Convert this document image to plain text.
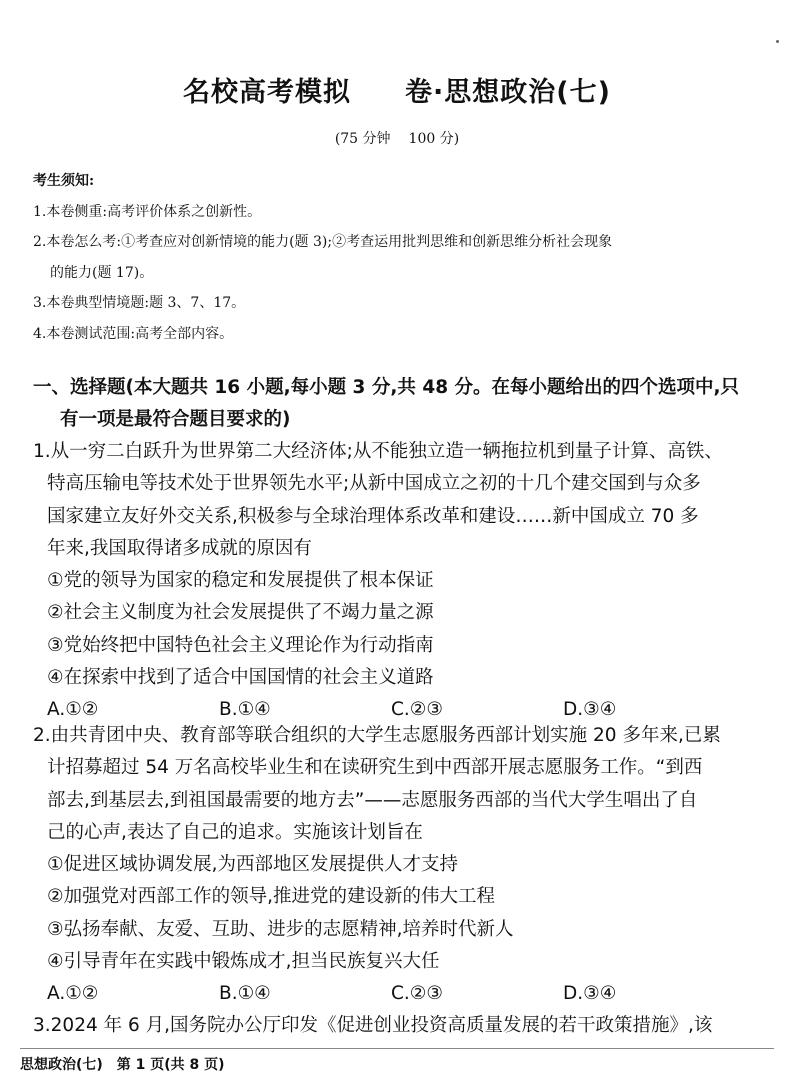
名校高考模拟 卷·思想政治(七)
(75 分钟 100 分)
考生须知:
1.本卷侧重:高考评价体系之创新性。
2.本卷怎么考:①考查应对创新情境的能力(题 3);②考查运用批判思维和创新思维分析社会现象
的能力(题 17)。
3.本卷典型情境题:题 3、7、17。
4.本卷测试范围:高考全部内容。
一、选择题(本大题共 16 小题,每小题 3 分,共 48 分。在每小题给出的四个选项中,只
有一项是最符合题目要求的)
1.从一穷二白跃升为世界第二大经济体;从不能独立造一辆拖拉机到量子计算、高铁、
特高压输电等技术处于世界领先水平;从新中国成立之初的十几个建交国到与众多
国家建立友好外交关系,积极参与全球治理体系改革和建设……新中国成立 70 多
年来,我国取得诸多成就的原因有
①党的领导为国家的稳定和发展提供了根本保证
②社会主义制度为社会发展提供了不竭力量之源
③党始终把中国特色社会主义理论作为行动指南
④在探索中找到了适合中国国情的社会主义道路
A.①②	B.①④	C.②③	D.③④
2.由共青团中央、教育部等联合组织的大学生志愿服务西部计划实施 20 多年来,已累
计招募超过 54 万名高校毕业生和在读研究生到中西部开展志愿服务工作。“到西
部去,到基层去,到祖国最需要的地方去”——志愿服务西部的当代大学生唱出了自
己的心声,表达了自己的追求。实施该计划旨在
①促进区域协调发展,为西部地区发展提供人才支持
②加强党对西部工作的领导,推进党的建设新的伟大工程
③弘扬奉献、友爱、互助、进步的志愿精神,培养时代新人
④引导青年在实践中锻炼成才,担当民族复兴大任
A.①②	B.①④	C.②③	D.③④
3.2024 年 6 月,国务院办公厅印发《促进创业投资高质量发展的若干政策措施》,该
思想政治(七) 第 1 页(共 8 页)
